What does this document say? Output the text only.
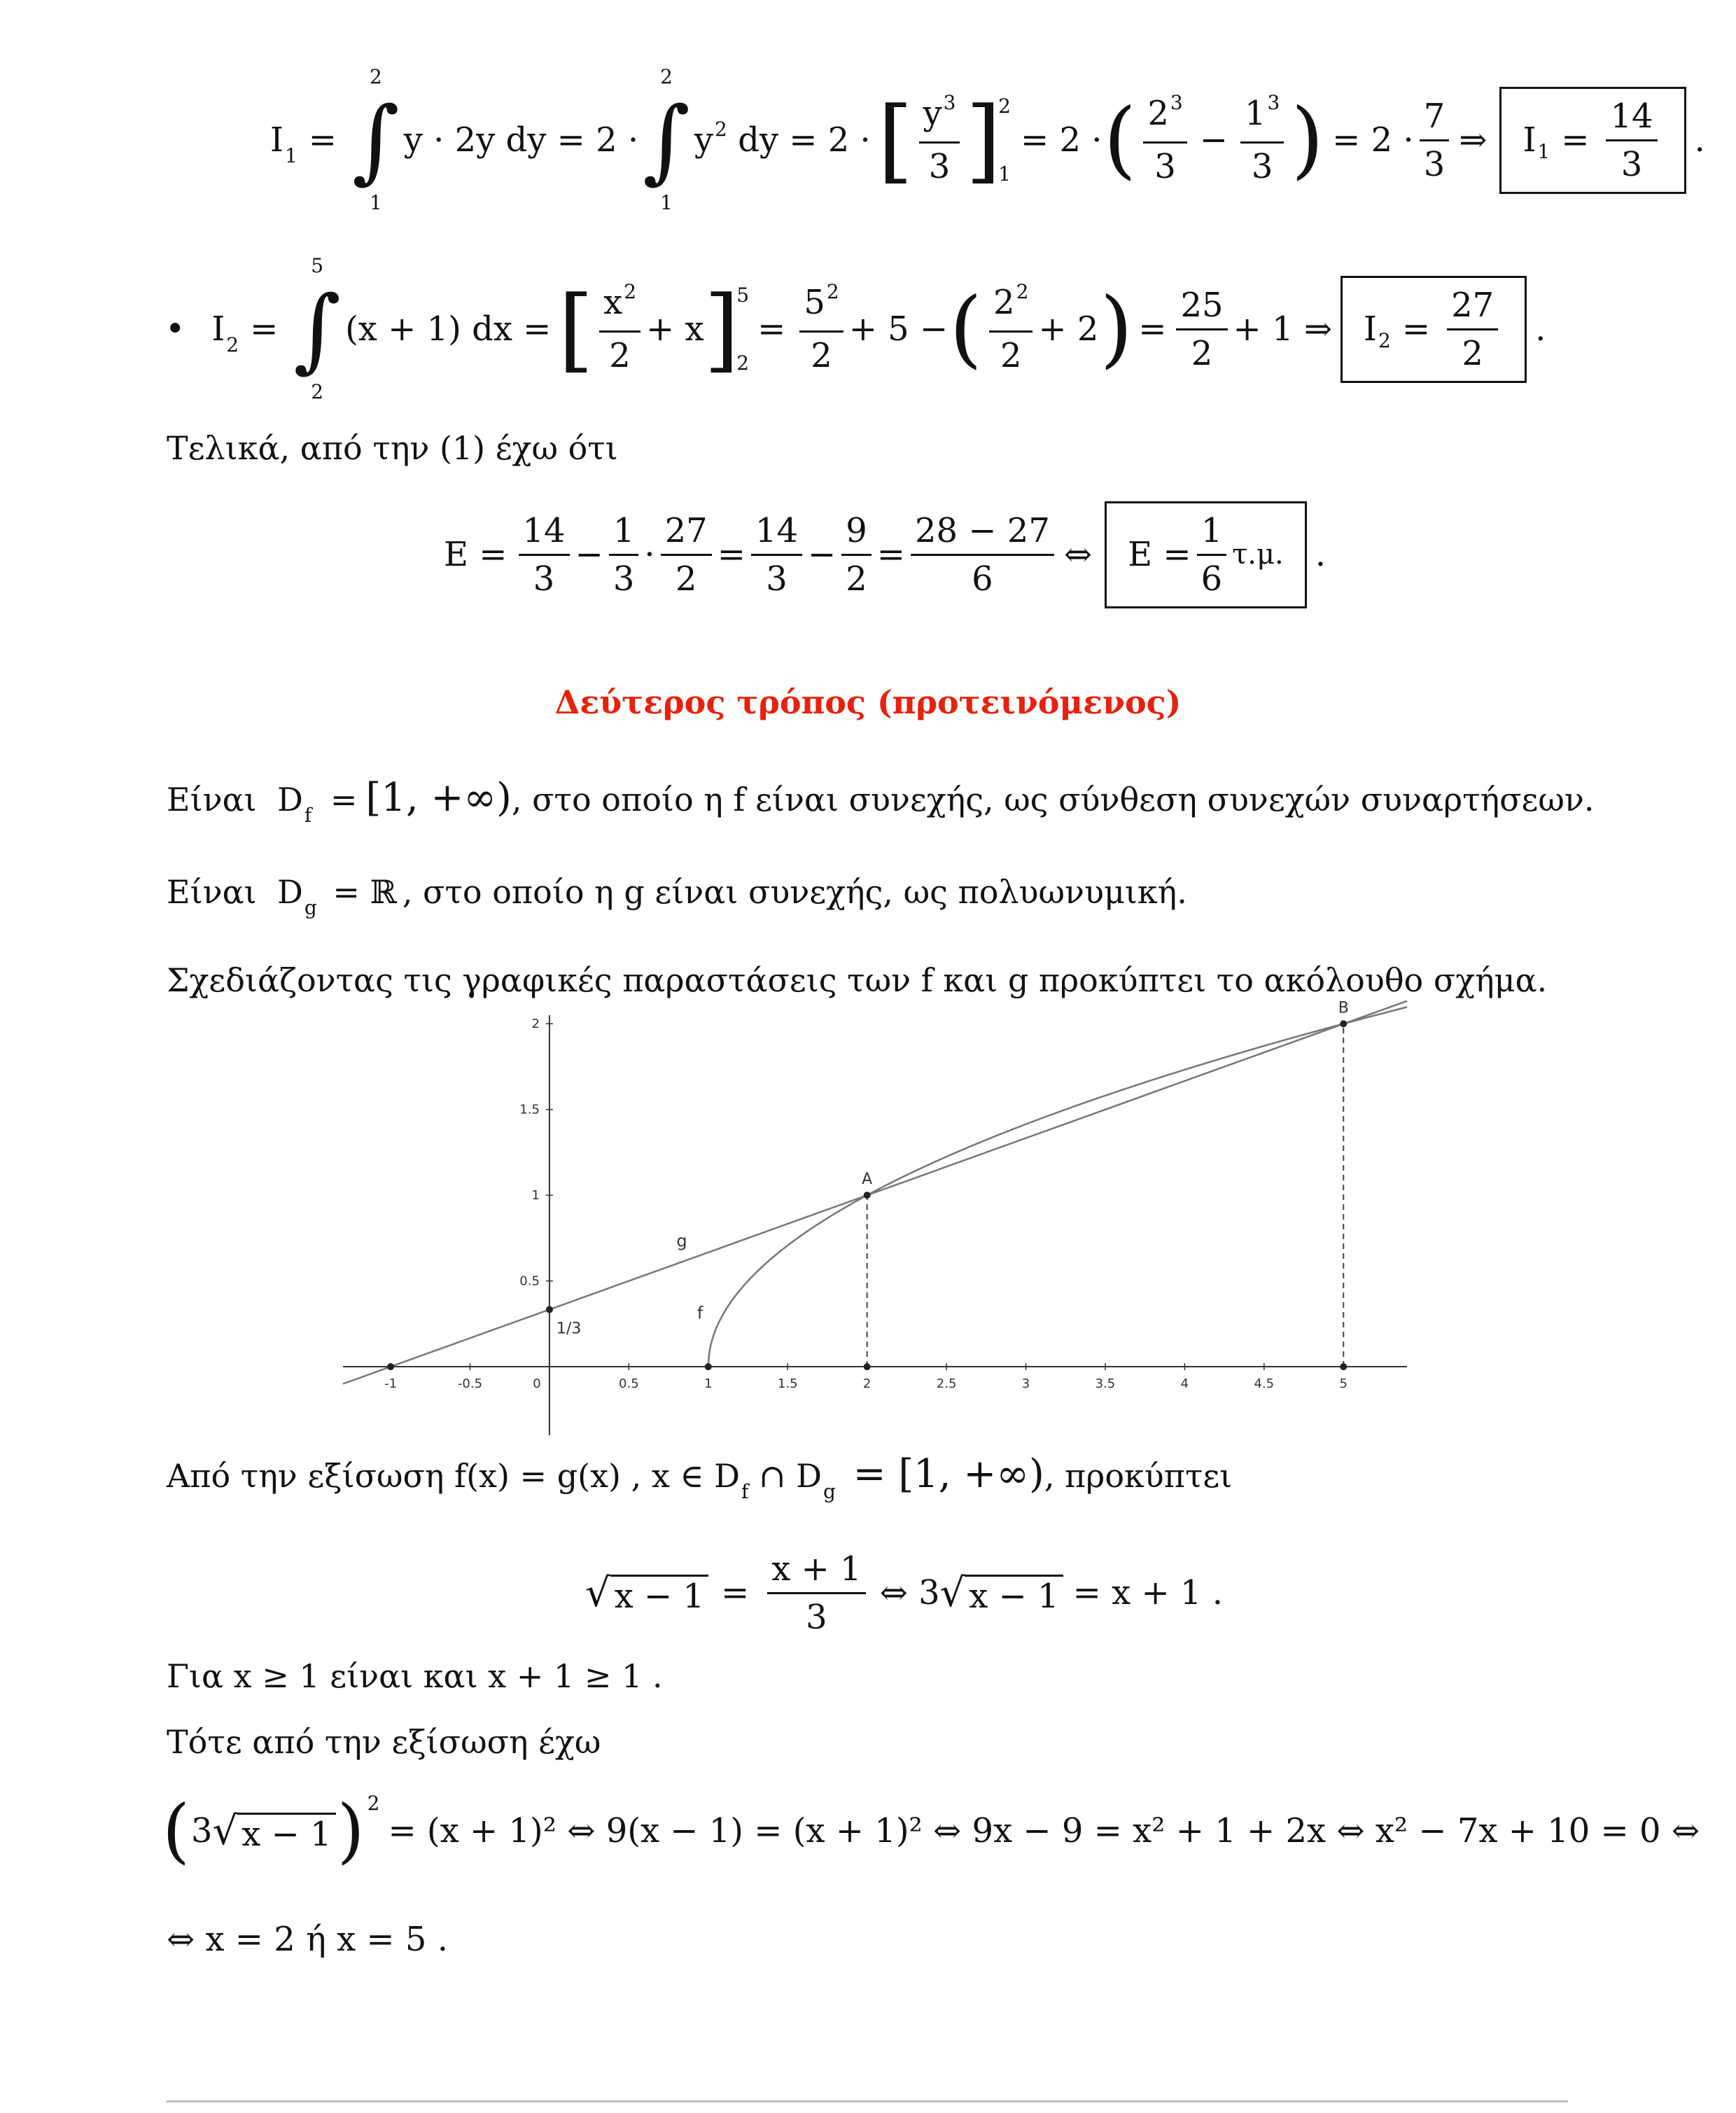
$I_1$ =
2
∫
1
y · 2y dy = 2 ·
2
∫
1
$y^2$ dy = 2 · [ $\frac{y^3}{3}$ ]
2
1
= 2 · ( $\frac{2^3}{3} - \frac{1^3}{3}$ ) = $2 \cdot \frac{7}{3}$ ⇒ I $1 = \frac{14}{3}$ .
• $I_2$ =
5
∫
2
(x + 1) dx = [ $\frac{x^2}{2} + x$ ]
5
2
= $\frac{5^2}{2} + 5$ − ( $\frac{2^2}{2} + 2$ ) = $\frac{25}{2} + 1$ ⇒ I $2 = \frac{27}{2}$ .
Τελικά, από την (1) έχω ότι
$E = \frac{14}{3} - \frac{1}{3} \cdot \frac{27}{2} = \frac{14}{3} - \frac{9}{2} = \frac{28 - 27}{6}$ ⇔ $E = \frac{1}{6} \tau.\mu$. .
Δεύτερος τρόπος (προτεινόμενος)
Είναι $D_f = [1$, +∞), στο οποίο η f είναι συνεχής, ως σύνθεση συνεχών συναρτήσεων.
Είναι $D_g$ = ℝ , στο οποίο η g είναι συνεχής, ως πολυωνυμική.
Σχεδιάζοντας τις γραφικές παραστάσεις των f και g προκύπτει το ακόλουθο σχήμα.
-1	-0.5	0	0.5	1	1.5	2	2.5	3	3.5	4	4.5	5
0.5
1
1.5
2
g
f
A
B
1/3
Από την εξίσωση f(x) = g(x) , x ∈ $D_f$ ∩ $D_g = [1$, +∞), προκύπτει
√ $x - 1 = \frac{x + 1}{3}$ ⇔ 3 √ x − 1 = x + 1 .
Για x ≥ 1 είναι και x + 1 ≥ 1 .
Τότε από την εξίσωση έχω
( 3 √ x − 1 ) 2
= (x + 1)² ⇔ 9(x − 1) = (x + 1)² ⇔ 9x − 9 = x² + 1 + 2x ⇔ x² − 7x + 10 = 0 ⇔
⇔ x = 2 ή x = 5 .
